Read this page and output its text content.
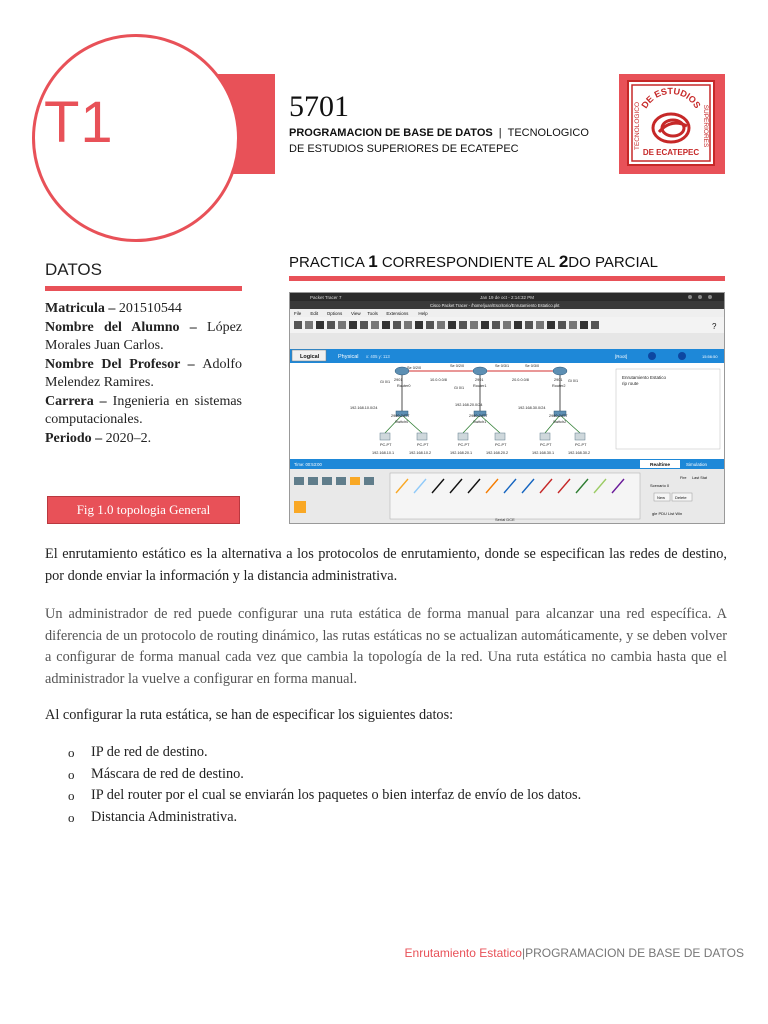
T1	5701
PROGRAMACION DE BASE DE DATOS | TECNOLOGICO
DE ESTUDIOS SUPERIORES DE ECATEPEC
DE ESTUDIOS
TECNOLOGICO	SUPERIORES
DE ECATEPEC
DATOS

Matricula – 201510544

Nombre del Alumno – López Morales Juan Carlos.

Nombre Del Profesor – Adolfo Melendez Ramires.

Carrera – Ingenieria en sistemas computacionales.

Periodo – 2020–2.

Fig 1.0 topologia General
PRACTICA 1 CORRESPONDIENTE AL 2DO PARCIAL
Packet Tracer 7	Jan 19 de oct - 2:14:32 PM
Cisco Packet Tracer - /home/juan/Escritorio/Enrutamiento Estatico.pkt
File Edit Options View Tools Extensions Help
?
Logical	Physical x: 405 y: 113	[Root]	15:56:50
Enrutamiento Estatico
rip route
Se 0/2/0	Se 0/2/0	Se 0/3/1	Se 0/3/0
Gi 0/1
Gi 0/1
Gi 0/1
2901
Router0
2901
Router1
2901
Router2
10.0.0.0/8	20.0.0.0/8
192.168.10.0/24
192.168.20.0/24
192.168.30.0/24
2960-24TT
Switch0
2960-24TT
Switch1
2960-24TT
Switch2
PC-PT	PC-PT	PC-PT	PC-PT	PC-PT	PC-PT
192.168.10.1	192.168.10.2	192.168.20.1	192.168.20.2	192.168.30.1	192.168.30.2
Time: 00:53:00	Realtime	Simulation
Serial DCE
Scenario 0
Fire Last Stat
New Delete
gle PDU List Win

El enrutamiento estático es la alternativa a los protocolos de enrutamiento, donde se especifican las redes de destino, por donde enviar la información y la distancia administrativa.

Un administrador de red puede configurar una ruta estática de forma manual para alcanzar una red específica. A diferencia de un protocolo de routing dinámico, las rutas estáticas no se actualizan automáticamente, y se deben volver a configurar de forma manual cada vez que cambia la topología de la red. Una ruta estática no cambia hasta que el administrador la vuelve a configurar en forma manual.

Al configurar la ruta estática, se han de especificar los siguientes datos:

o IP de red de destino.
o Máscara de red de destino.
o IP del router por el cual se enviarán los paquetes o bien interfaz de envío de los datos.
o Distancia Administrativa.
Enrutamiento Estatico|PROGRAMACION DE BASE DE DATOS
